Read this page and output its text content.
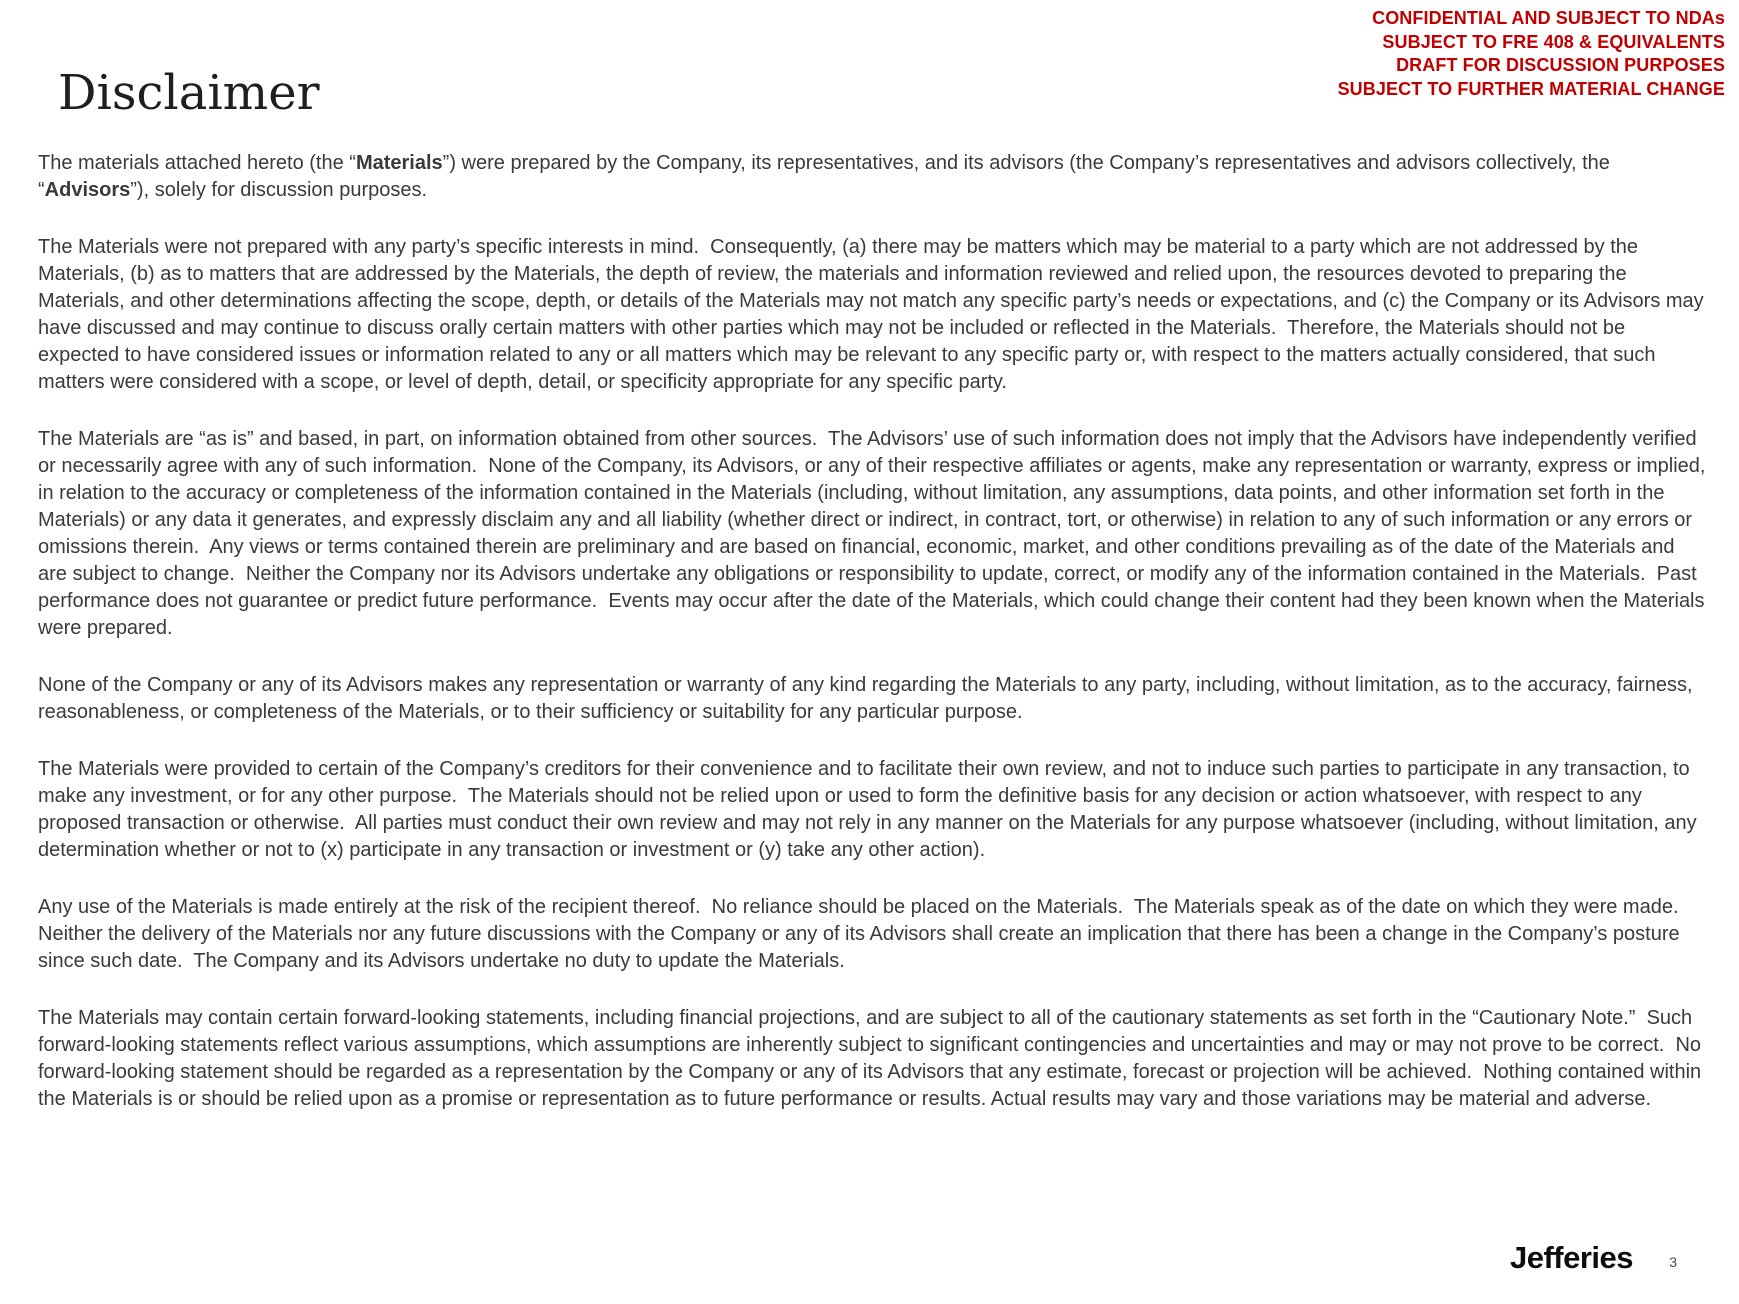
CONFIDENTIAL AND SUBJECT TO NDAs
SUBJECT TO FRE 408 & EQUIVALENTS
DRAFT FOR DISCUSSION PURPOSES
SUBJECT TO FURTHER MATERIAL CHANGE
Disclaimer

The materials attached hereto (the “Materials”) were prepared by the Company, its representatives, and its advisors (the Company’s representatives and advisors collectively, the “Advisors”), solely for discussion purposes.

The Materials were not prepared with any party’s specific interests in mind.  Consequently, (a) there may be matters which may be material to a party which are not addressed by the Materials, (b) as to matters that are addressed by the Materials, the depth of review, the materials and information reviewed and relied upon, the resources devoted to preparing the Materials, and other determinations affecting the scope, depth, or details of the Materials may not match any specific party’s needs or expectations, and (c) the Company or its Advisors may have discussed and may continue to discuss orally certain matters with other parties which may not be included or reflected in the Materials.  Therefore, the Materials should not be expected to have considered issues or information related to any or all matters which may be relevant to any specific party or, with respect to the matters actually considered, that such matters were considered with a scope, or level of depth, detail, or specificity appropriate for any specific party.

The Materials are “as is” and based, in part, on information obtained from other sources.  The Advisors’ use of such information does not imply that the Advisors have independently verified or necessarily agree with any of such information.  None of the Company, its Advisors, or any of their respective affiliates or agents, make any representation or warranty, express or implied, in relation to the accuracy or completeness of the information contained in the Materials (including, without limitation, any assumptions, data points, and other information set forth in the Materials) or any data it generates, and expressly disclaim any and all liability (whether direct or indirect, in contract, tort, or otherwise) in relation to any of such information or any errors or omissions therein.  Any views or terms contained therein are preliminary and are based on financial, economic, market, and other conditions prevailing as of the date of the Materials and are subject to change.  Neither the Company nor its Advisors undertake any obligations or responsibility to update, correct, or modify any of the information contained in the Materials.  Past performance does not guarantee or predict future performance.  Events may occur after the date of the Materials, which could change their content had they been known when the Materials were prepared.

None of the Company or any of its Advisors makes any representation or warranty of any kind regarding the Materials to any party, including, without limitation, as to the accuracy, fairness, reasonableness, or completeness of the Materials, or to their sufficiency or suitability for any particular purpose.

The Materials were provided to certain of the Company’s creditors for their convenience and to facilitate their own review, and not to induce such parties to participate in any transaction, to make any investment, or for any other purpose.  The Materials should not be relied upon or used to form the definitive basis for any decision or action whatsoever, with respect to any proposed transaction or otherwise.  All parties must conduct their own review and may not rely in any manner on the Materials for any purpose whatsoever (including, without limitation, any determination whether or not to (x) participate in any transaction or investment or (y) take any other action).

Any use of the Materials is made entirely at the risk of the recipient thereof.  No reliance should be placed on the Materials.  The Materials speak as of the date on which they were made.  Neither the delivery of the Materials nor any future discussions with the Company or any of its Advisors shall create an implication that there has been a change in the Company’s posture since such date.  The Company and its Advisors undertake no duty to update the Materials.

The Materials may contain certain forward-looking statements, including financial projections, and are subject to all of the cautionary statements as set forth in the “Cautionary Note.”  Such forward-looking statements reflect various assumptions, which assumptions are inherently subject to significant contingencies and uncertainties and may or may not prove to be correct.  No forward-looking statement should be regarded as a representation by the Company or any of its Advisors that any estimate, forecast or projection will be achieved.  Nothing contained within the Materials is or should be relied upon as a promise or representation as to future performance or results. Actual results may vary and those variations may be material and adverse.

Jefferies	3
